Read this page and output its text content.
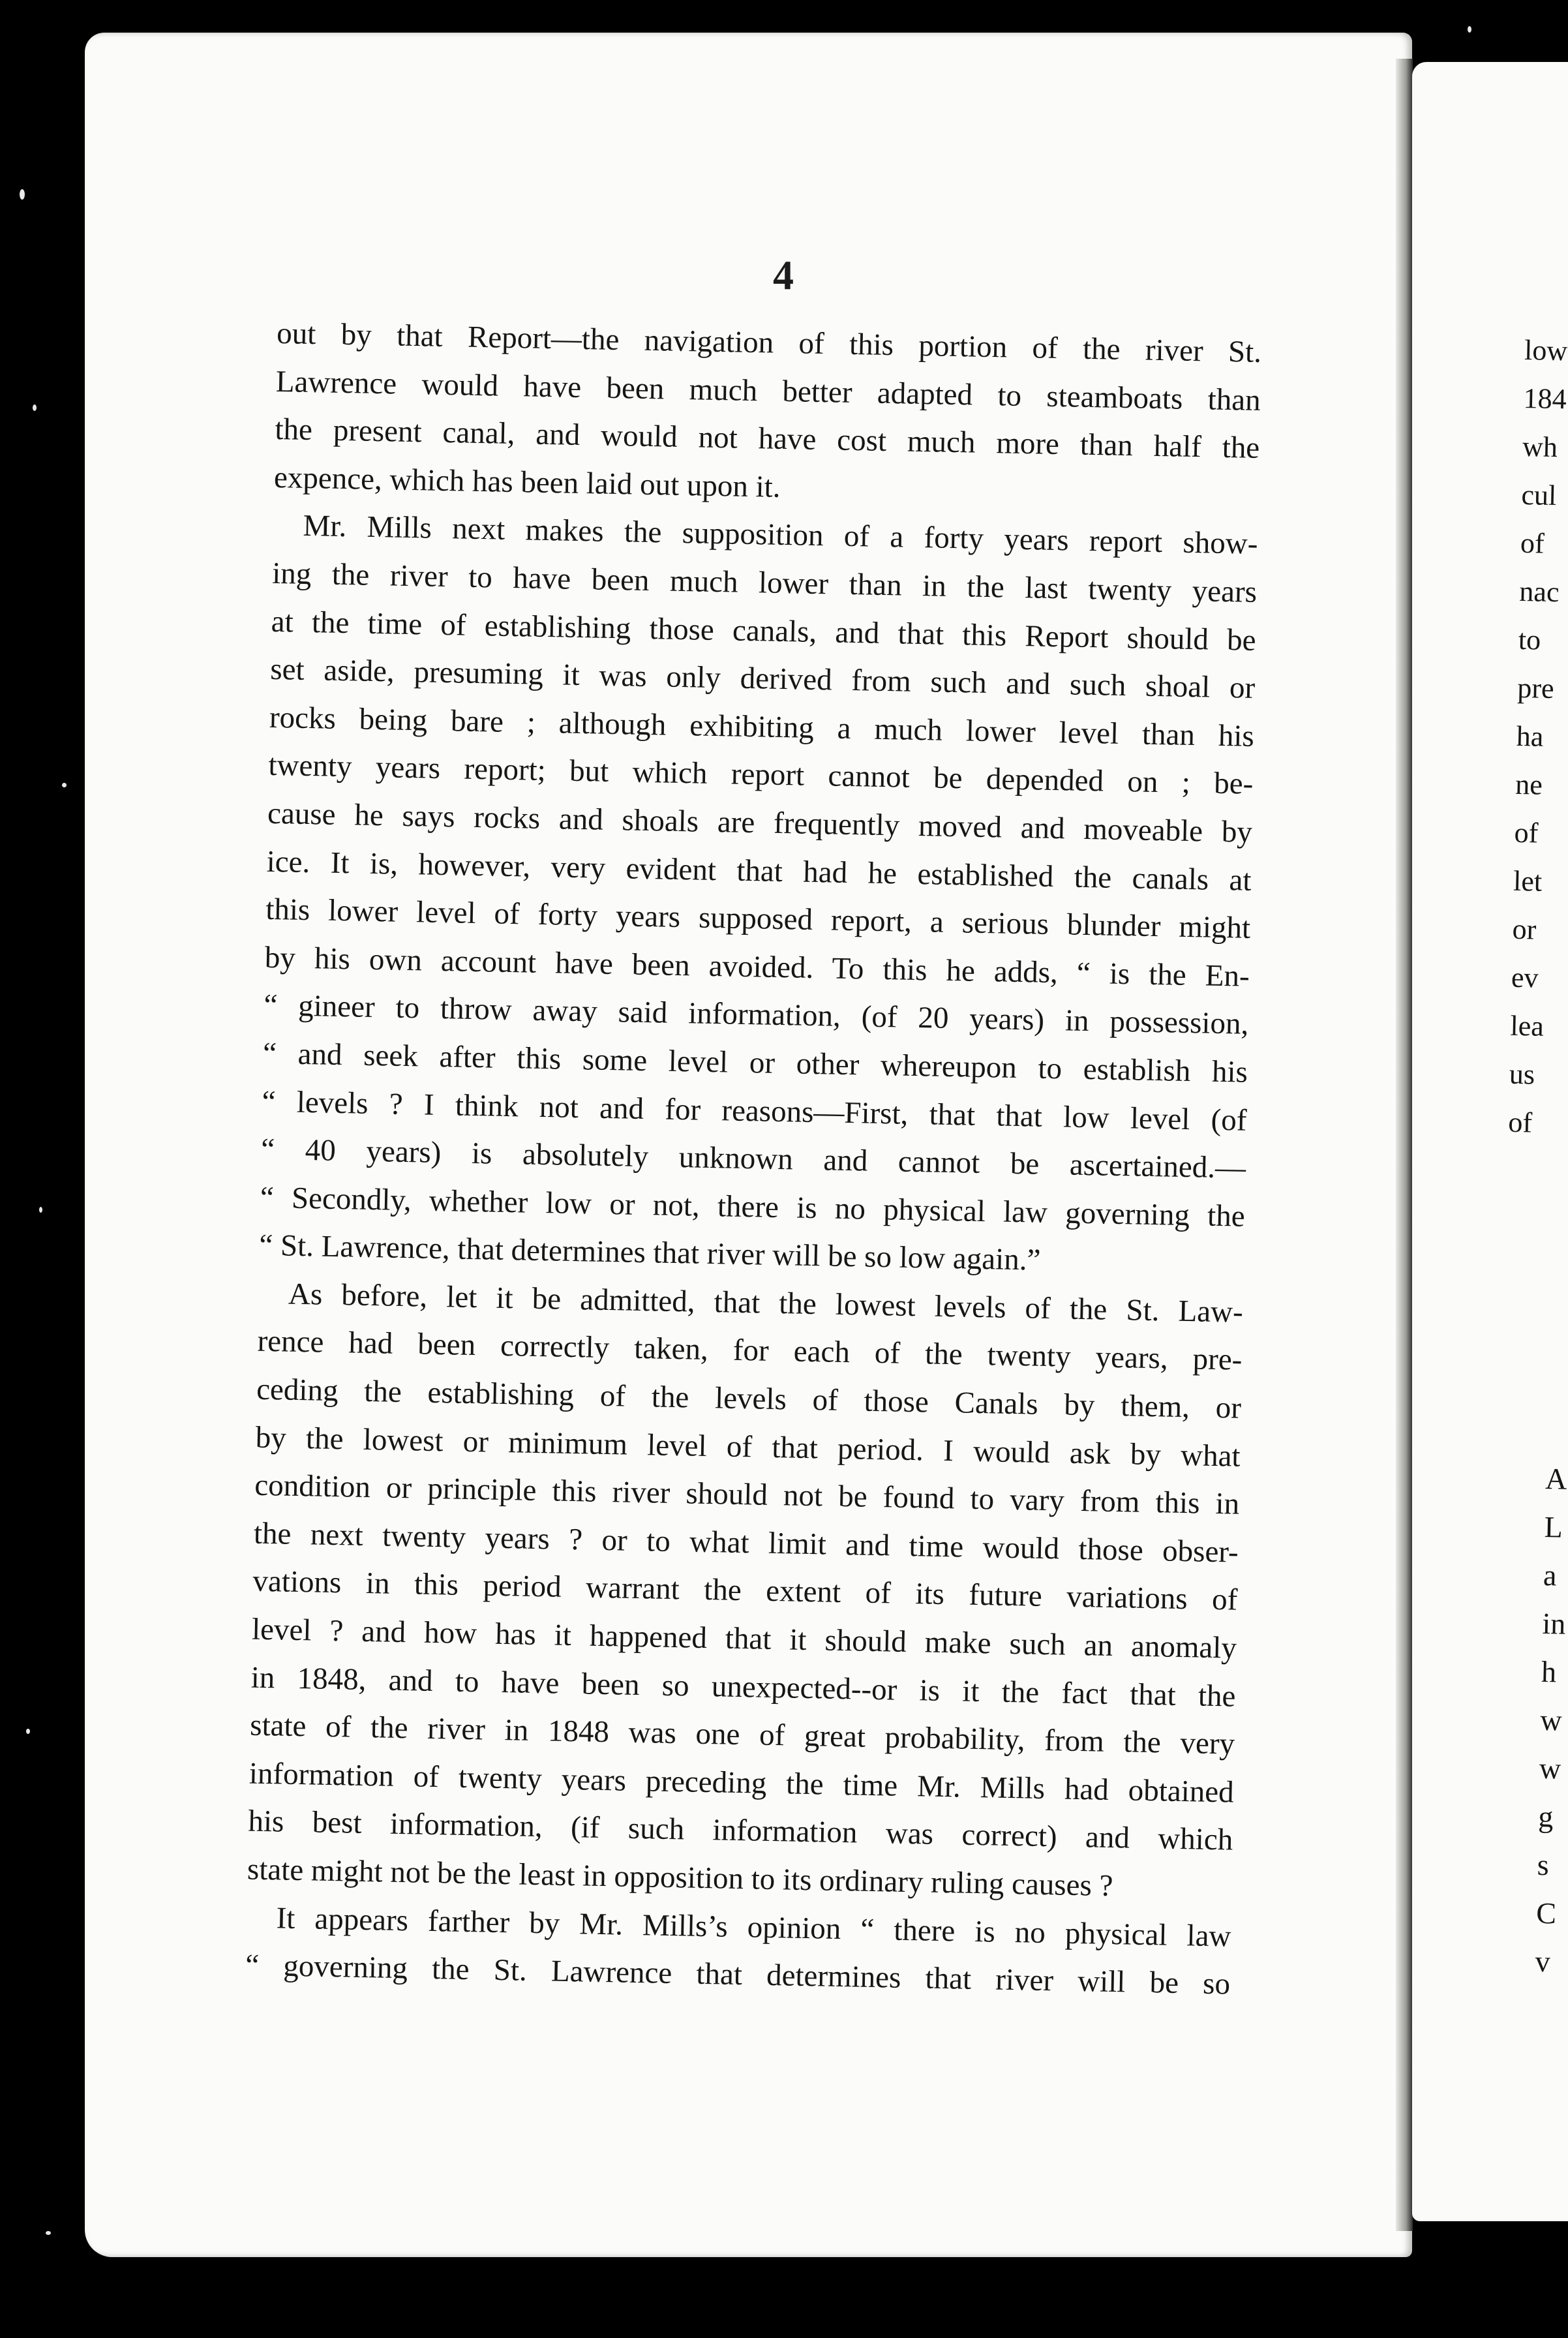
4
out by that Report—the navigation of this portion of the river St.
Lawrence would have been much better adapted to steamboats than
the present canal, and would not have cost much more than half the
expence, which has been laid out upon it.
Mr. Mills next makes the supposition of a forty years report show-
ing the river to have been much lower than in the last twenty years
at the time of establishing those canals, and that this Report should be
set aside, presuming it was only derived from such and such shoal or
rocks being bare ; although exhibiting a much lower level than his
twenty years report; but which report cannot be depended on ; be-
cause he says rocks and shoals are frequently moved and moveable by
ice. It is, however, very evident that had he established the canals at
this lower level of forty years supposed report, a serious blunder might
by his own account have been avoided. To this he adds, “ is the En-
“ gineer to throw away said information, (of 20 years) in possession,
“ and seek after this some level or other whereupon to establish his
“ levels ? I think not and for reasons—First, that that low level (of
“ 40 years) is absolutely unknown and cannot be ascertained.—
“ Secondly, whether low or not, there is no physical law governing the
“ St. Lawrence, that determines that river will be so low again.”
As before, let it be admitted, that the lowest levels of the St. Law-
rence had been correctly taken, for each of the twenty years, pre-
ceding the establishing of the levels of those Canals by them, or
by the lowest or minimum level of that period. I would ask by what
condition or principle this river should not be found to vary from this in
the next twenty years ? or to what limit and time would those obser-
vations in this period warrant the extent of its future variations of
level ? and how has it happened that it should make such an anomaly
in 1848, and to have been so unexpected--or is it the fact that the
state of the river in 1848 was one of great probability, from the very
information of twenty years preceding the time Mr. Mills had obtained
his best information, (if such information was correct) and which
state might not be the least in opposition to its ordinary ruling causes ?
It appears farther by Mr. Mills’s opinion “ there is no physical law
“ governing the St. Lawrence that determines that river will be so
low
184
wh
cul
of
nac
to
pre
ha
ne
of
let
or
ev
lea
us
of
A
L
a
in
h
w
w
g
s
C
v
